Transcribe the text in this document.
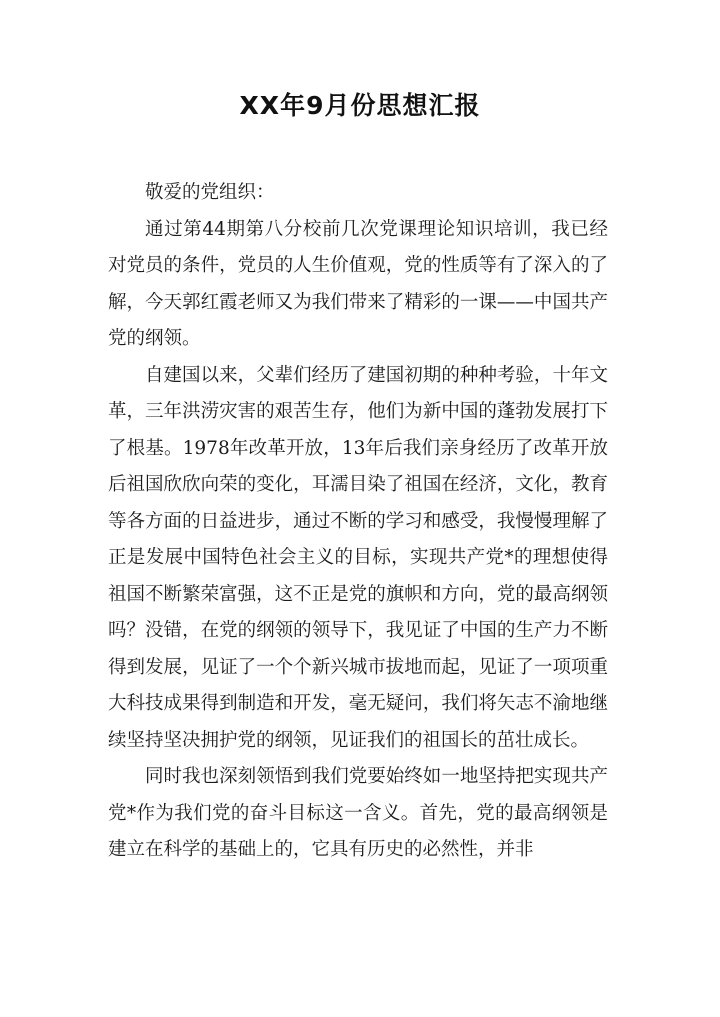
XX年9月份思想汇报

敬爱的党组织：

通过第44期第八分校前几次党课理论知识培训，我已经对党员的条件，党员的人生价值观，党的性质等有了深入的了解，今天郭红霞老师又为我们带来了精彩的一课——中国共产党的纲领。

自建国以来，父辈们经历了建国初期的种种考验，十年文革，三年洪涝灾害的艰苦生存，他们为新中国的蓬勃发展打下了根基。1978年改革开放，13年后我们亲身经历了改革开放后祖国欣欣向荣的变化，耳濡目染了祖国在经济，文化，教育等各方面的日益进步，通过不断的学习和感受，我慢慢理解了正是发展中国特色社会主义的目标，实现共产党*的理想使得祖国不断繁荣富强，这不正是党的旗帜和方向，党的最高纲领吗？没错，在党的纲领的领导下，我见证了中国的生产力不断得到发展，见证了一个个新兴城市拔地而起，见证了一项项重大科技成果得到制造和开发，毫无疑问，我们将矢志不渝地继续坚持坚决拥护党的纲领，见证我们的祖国长的茁壮成长。

同时我也深刻领悟到我们党要始终如一地坚持把实现共产党*作为我们党的奋斗目标这一含义。首先，党的最高纲领是建立在科学的基础上的，它具有历史的必然性，并非
